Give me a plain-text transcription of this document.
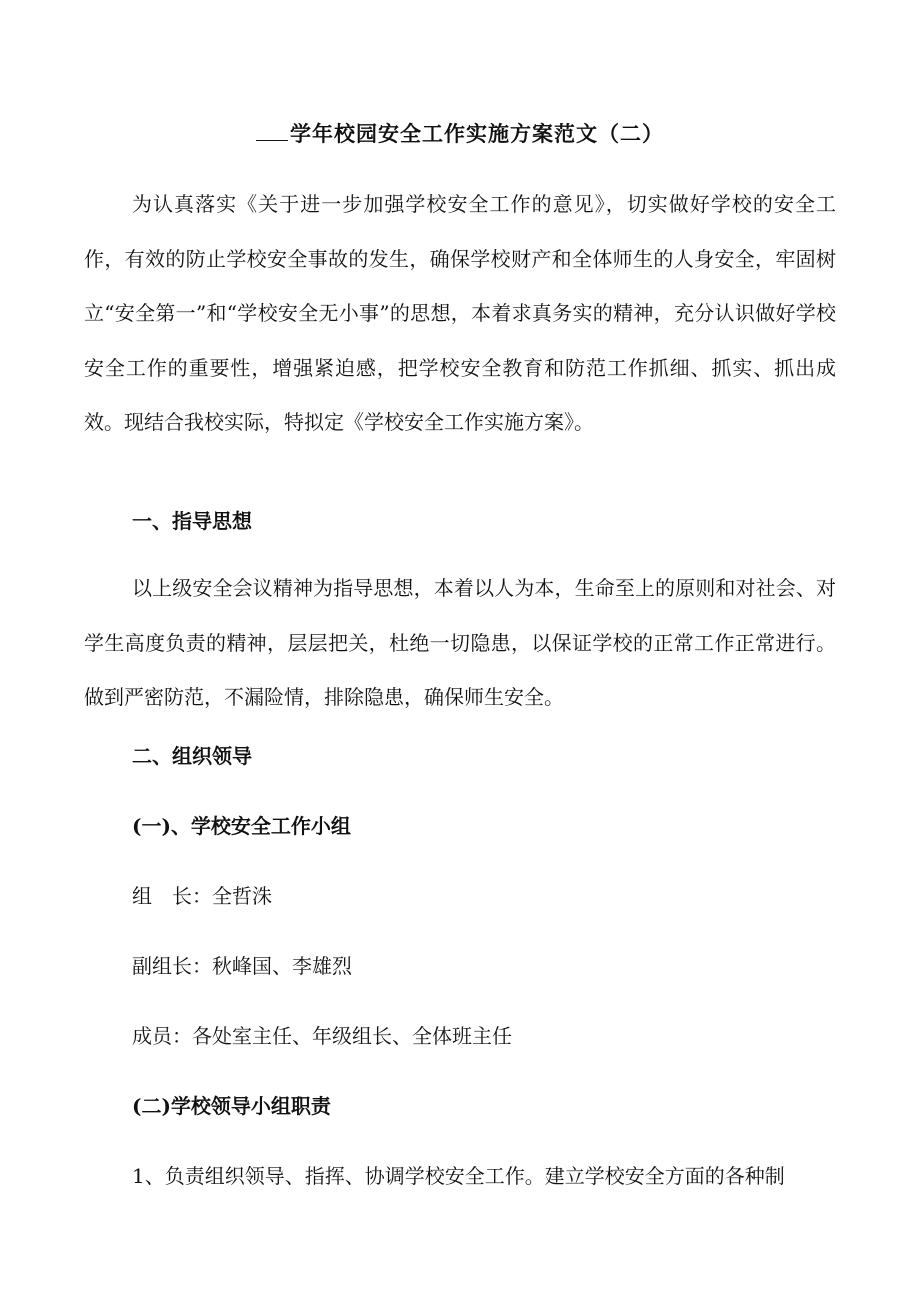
学年校园安全工作实施方案范文（二）

为认真落实《关于进一步加强学校安全工作的意见》，切实做好学校的安全工作，有效的防止学校安全事故的发生，确保学校财产和全体师生的人身安全，牢固树立“安全第一”和“学校安全无小事”的思想，本着求真务实的精神，充分认识做好学校安全工作的重要性，增强紧迫感，把学校安全教育和防范工作抓细、抓实、抓出成效。现结合我校实际，特拟定《学校安全工作实施方案》。

一、指导思想

以上级安全会议精神为指导思想，本着以人为本，生命至上的原则和对社会、对学生高度负责的精神，层层把关，杜绝一切隐患，以保证学校的正常工作正常进行。做到严密防范，不漏险情，排除隐患，确保师生安全。

二、组织领导

(一)、学校安全工作小组

组　长：全哲洙

副组长：秋峰国、李雄烈

成员：各处室主任、年级组长、全体班主任

(二)学校领导小组职责

1、负责组织领导、指挥、协调学校安全工作。建立学校安全方面的各种制
